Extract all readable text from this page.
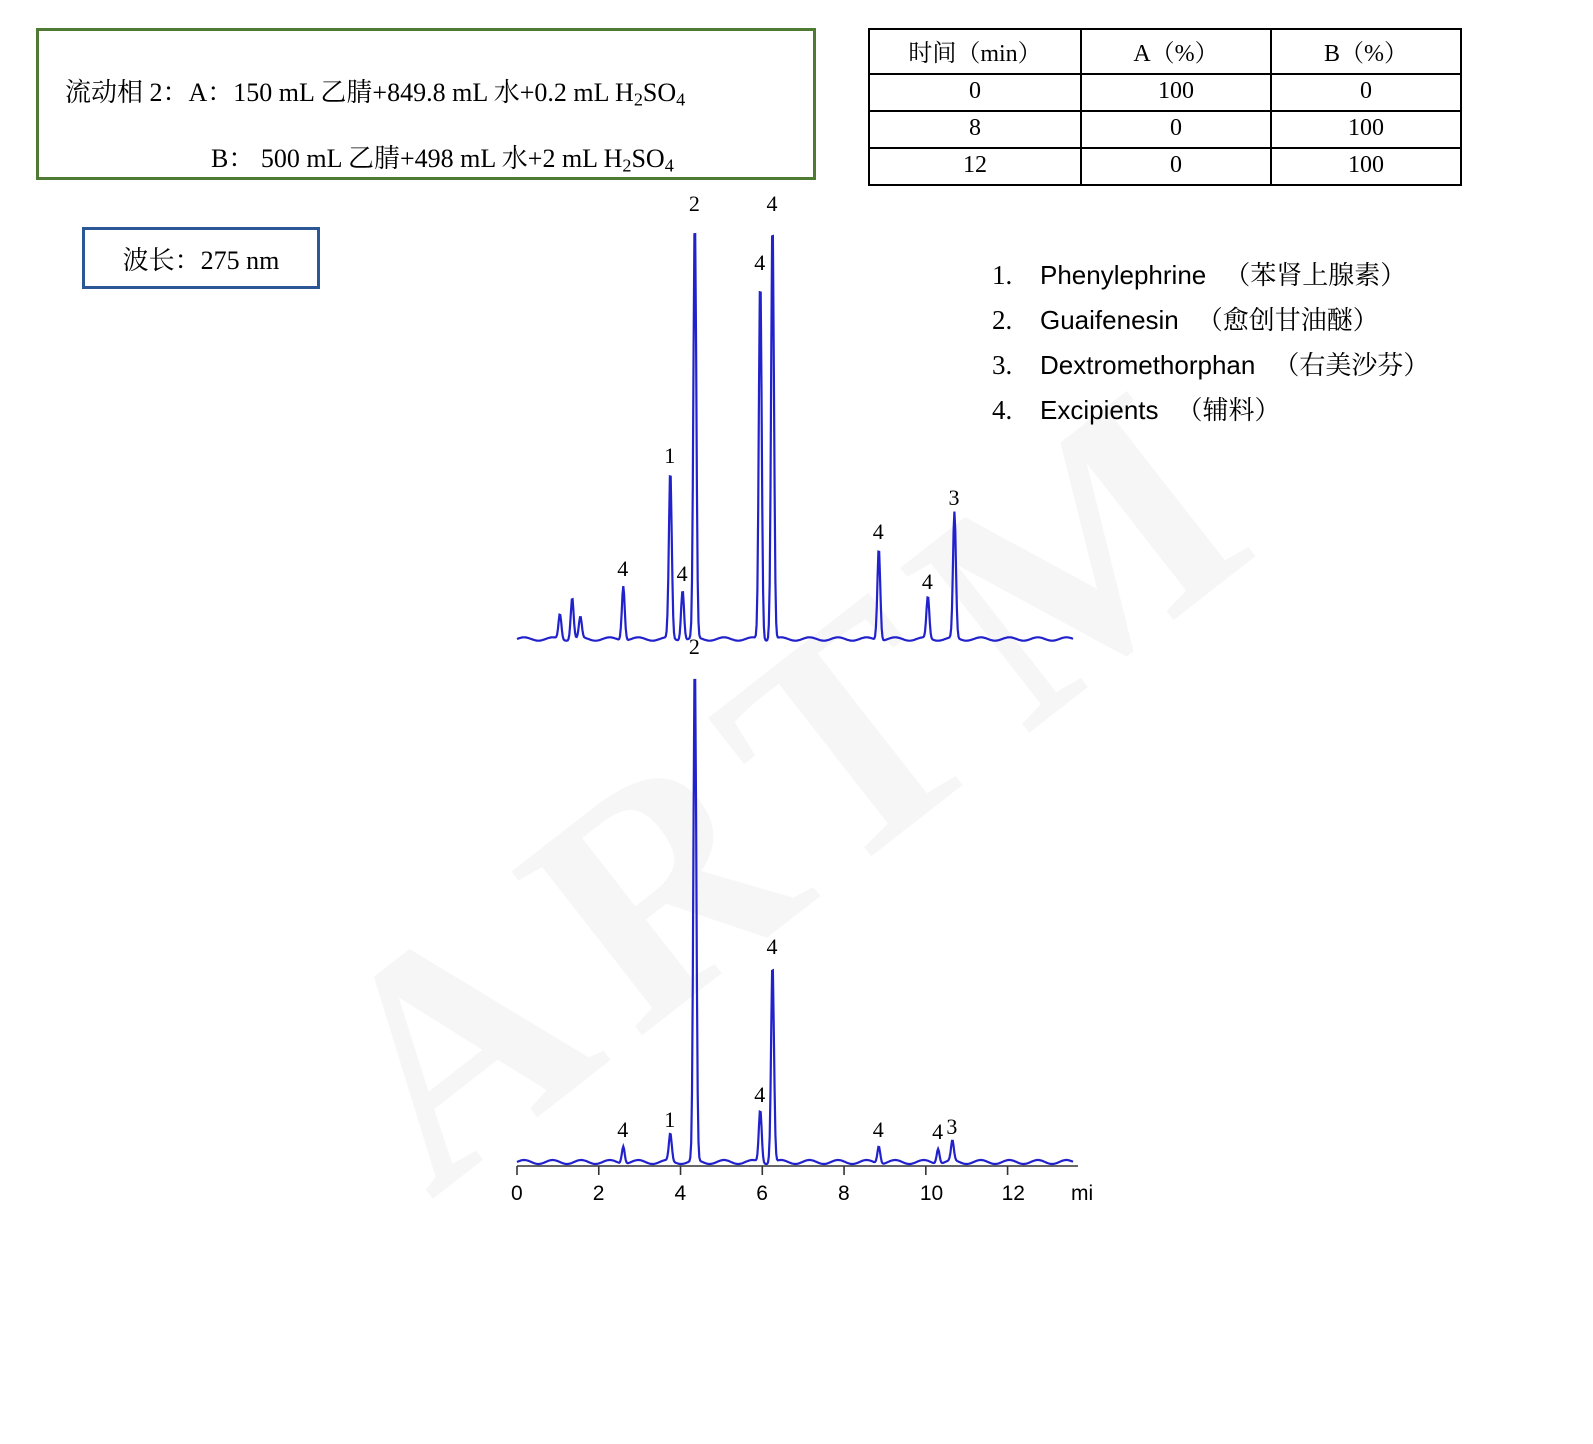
流动相 2：A：150 mL 乙腈+849.8 mL 水+0.2 mL $H_2SO_4$
B： 500 mL 乙腈+498 mL 水+2 mL $H_2SO_4$
波长：275 nm
时间（min）	A（%）	B（%）
0	100	0
8	0	100
12	0	100
1.	Phenylephrine （苯肾上腺素）
2.	Guaifenesin （愈创甘油醚）
3.	Dextromethorphan （右美沙芬）
4.	Excipients （辅料）
4
1
4
2
4
4
4
4
3
4 1
2
4
4
4 4 3
0	2	4	6	8	10	12 mi
